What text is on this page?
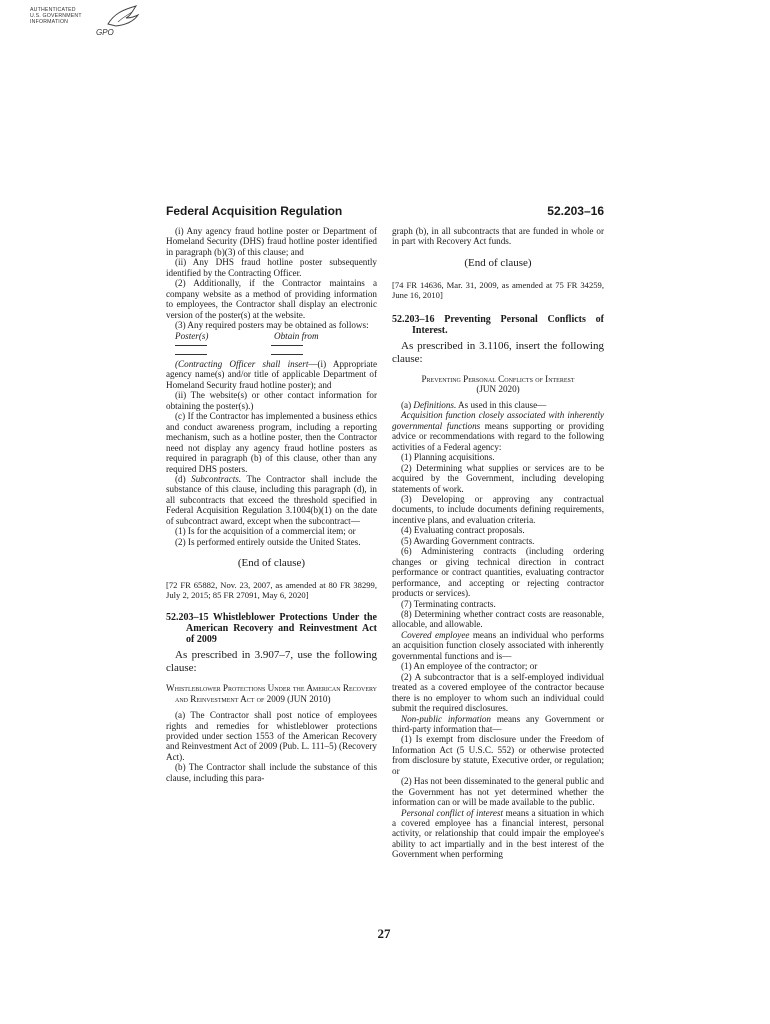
AUTHENTICATED
U.S. GOVERNMENT
INFORMATION
GPO
Federal Acquisition Regulation	52.203–16

(i) Any agency fraud hotline poster or Department of Homeland Security (DHS) fraud hotline poster identified in paragraph (b)(3) of this clause; and

(ii) Any DHS fraud hotline poster subsequently identified by the Contracting Officer.

(2) Additionally, if the Contractor maintains a company website as a method of providing information to employees, the Contractor shall display an electronic version of the poster(s) at the website.

(3) Any required posters may be obtained as follows:

Poster(s)	Obtain from

(Contracting Officer shall insert—(i) Appropriate agency name(s) and/or title of applicable Department of Homeland Security fraud hotline poster); and

(ii) The website(s) or other contact information for obtaining the poster(s).)

(c) If the Contractor has implemented a business ethics and conduct awareness program, including a reporting mechanism, such as a hotline poster, then the Contractor need not display any agency fraud hotline posters as required in paragraph (b) of this clause, other than any required DHS posters.

(d) Subcontracts. The Contractor shall include the substance of this clause, including this paragraph (d), in all subcontracts that exceed the threshold specified in Federal Acquisition Regulation 3.1004(b)(1) on the date of subcontract award, except when the subcontract—

(1) Is for the acquisition of a commercial item; or

(2) Is performed entirely outside the United States.

(End of clause)

[72 FR 65882, Nov. 23, 2007, as amended at 80 FR 38299, July 2, 2015; 85 FR 27091, May 6, 2020]

52.203–15 Whistleblower Protections Under the American Recovery and Reinvestment Act of 2009

As prescribed in 3.907–7, use the following clause:

Whistleblower Protections Under the American Recovery and Reinvestment Act of 2009 (JUN 2010)

(a) The Contractor shall post notice of employees rights and remedies for whistleblower protections provided under section 1553 of the American Recovery and Reinvestment Act of 2009 (Pub. L. 111–5) (Recovery Act).

(b) The Contractor shall include the substance of this clause, including this para-

graph (b), in all subcontracts that are funded in whole or in part with Recovery Act funds.

(End of clause)

[74 FR 14636, Mar. 31, 2009, as amended at 75 FR 34259, June 16, 2010]

52.203–16 Preventing Personal Conflicts of Interest.

As prescribed in 3.1106, insert the following clause:

Preventing Personal Conflicts of Interest (JUN 2020)

(a) Definitions. As used in this clause—

Acquisition function closely associated with inherently governmental functions means supporting or providing advice or recommendations with regard to the following activities of a Federal agency:

(1) Planning acquisitions.

(2) Determining what supplies or services are to be acquired by the Government, including developing statements of work.

(3) Developing or approving any contractual documents, to include documents defining requirements, incentive plans, and evaluation criteria.

(4) Evaluating contract proposals.

(5) Awarding Government contracts.

(6) Administering contracts (including ordering changes or giving technical direction in contract performance or contract quantities, evaluating contractor performance, and accepting or rejecting contractor products or services).

(7) Terminating contracts.

(8) Determining whether contract costs are reasonable, allocable, and allowable.

Covered employee means an individual who performs an acquisition function closely associated with inherently governmental functions and is—

(1) An employee of the contractor; or

(2) A subcontractor that is a self-employed individual treated as a covered employee of the contractor because there is no employer to whom such an individual could submit the required disclosures.

Non-public information means any Government or third-party information that—

(1) Is exempt from disclosure under the Freedom of Information Act (5 U.S.C. 552) or otherwise protected from disclosure by statute, Executive order, or regulation; or

(2) Has not been disseminated to the general public and the Government has not yet determined whether the information can or will be made available to the public.

Personal conflict of interest means a situation in which a covered employee has a financial interest, personal activity, or relationship that could impair the employee's ability to act impartially and in the best interest of the Government when performing

27
